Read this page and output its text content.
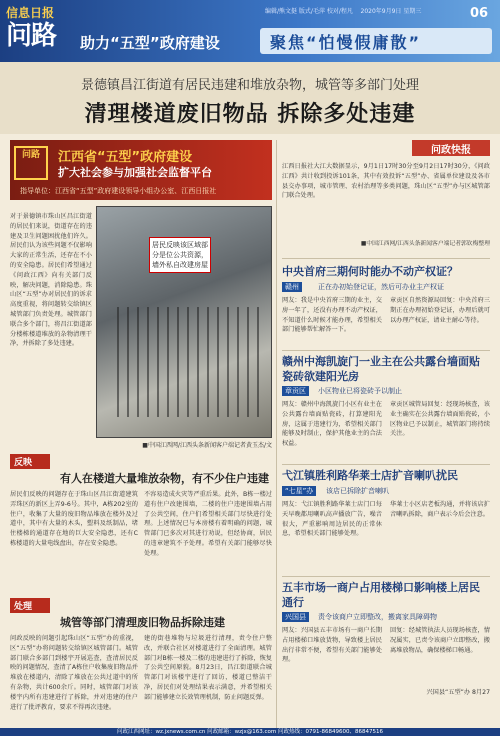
信息日报
问路	助力“五型”政府建设
编辑/熊文挺 版式/毛萍 校对/程凡 2020年9月9日 星期三	06
聚焦“怕慢假庸散”
景德镇昌江街道有居民违建和堆放杂物，城管等多部门处理
清理楼道废旧物品 拆除多处违建
问路	江西省“五型”政府建设
扩大社会参与加强社会监督平台
指导单位：江西省“五型”政府建设领导小组办公室、江西日报社
对于景德镇市珠山区昌江街道的居民们来说，街道存在的违建及卫生问题困扰他们许久。居民们认为该些问题不仅影响大家的正常生活，还存在不小的安全隐患。居民们希望通过《问政江西》向有关部门反映，解决问题，消除隐患。珠山区“五型”办对居民们的诉求高度重视，将问题转交给镇区城管部门负责处理。城管部门联合多个部门，将昌江街道部分楼栋楼道堆放的杂物清理干净，并拆除了多处违建。
居民反映该区域部分是位公共资源，墙外私自改建房屋
■中国江西网/江西头条新闻客户端记者黄玉杰/文
反映
有人在楼道大量堆放杂物，有不少住户违建
居民们反映的问题存在于珠山区昌江街道建筑弄珠区的新区上弄9-6号。其中，A栋202室的住户，收集了大量的废旧物品堆放在楼外及过道中，其中有大量的木头，塑料及纸制品，堵住楼梯的通道存在地的巨大安全隐患，还有C栋楼道的大量电线盘出，存在安全隐患。
不容易造成火灾等严重后果。此外，B栋一楼过道有住户改建围墙，二楼的住户违建围墙占用了公共空间，住户们希望相关部门尽快进行处理。上述情况已与本房楼有着明确的问题，城管部门已多次对其进行劝说，但经协商，居民的违章建筑不予处理。希望有关部门能够尽快处理。
处理
城管等部门清理废旧物品拆除违建
问政反映的问题引起珠山区“五型”办的重视，区“五型”办将问题转交给镇区城管部门。城管部门联合多部门到楼宇开展巡查，查清居民反映的问题情况，查清了A栋住户收集废旧物品并堆放在楼道内，清除了堆放在公共过道中的所有杂物，共计600余斤。同时，城管部门对该楼宇内所有违建进行了拆除，并对违建的住户进行了批评教育，要求不得再次违建。
建的街巷堆物与垃圾进行清理，责令住户整改，并联合社区对楼道进行了全面清理。城管部门对B栋一楼及二楼的违建进行了拆除，恢复了公共空间原貌。8月23日，昌江街道联合城管部门对该楼宇进行了回访，楼道已整洁干净，居民们对处理结果表示满意，并希望相关部门能够建立长效管理机制，防止问题反弹。
问政快报
江西日报社大江大数据显示，9月1日17时30分至9月2日17时30分，《问政江西》共计收到投诉101条，其中有效投诉“五型”办、省属单位建设及各市县交办事项，城市管理、农村治理等多类问题，珠山区“五型”办与区城管部门联合处理。
■中国江西网/江西头条新闻客户端记者郭钦梅整理
中央首府三期何时能办不动产权证？
赣州	正在办初始登记证，然后可办业主产权证
网友：我是中央首府三期的业主，交房一年了，还没有办理不动产权证，不知道什么时候才能办理，希望相关部门能够帮忙解答一下。
章贡区自然资源局回复：中央首府三期正在办理初始登记证，办理后就可以办理产权证，请业主耐心等待。
赣州中海凯旋门一业主在公共露台墙面贴瓷砖欲建阳光房
章贡区	小区物业已将瓷砖予以制止
网友：赣州中海凯旋门小区有业主在公共露台墙面贴瓷砖，打算建阳光房，这属于违建行为，希望相关部门能够及时制止，保护其他业主的合法权益。
章贡区城管局回复：经现场核查，该业主确实在公共露台墙面贴瓷砖，小区物业已予以制止，城管部门将持续关注。
弋江镇胜利路华莱士店扩音喇叭扰民
“七星”办	该店已拆除扩音喇叭
网友：弋江镇胜利路华莱士店门口每天早晚都用喇叭高声播放广告，噪音很大，严重影响周边居民的正常休息，希望相关部门能够处理。
华莱士小区店老板沟通，并将该店扩音喇叭拆除，商户表示今后会注意。
五丰市场一商户占用楼梯口影响楼上居民通行
兴国县	责令该商户立即整改，搬离家具障碍物
网友：兴国县五丰市场有一商户长期占用楼梯口堆放货物，导致楼上居民出行非常不便，希望有关部门能够处理。
回复：经城管执法人员现场核查，情况属实，已责令该商户立即整改，搬离堆放物品，确保楼梯口畅通。
兴国县“五型”办 8月27
问政江西网址：wz.jxnews.com.cn 问政邮箱：wzjx@163.com 问政热线：0791-86849600、86847516
